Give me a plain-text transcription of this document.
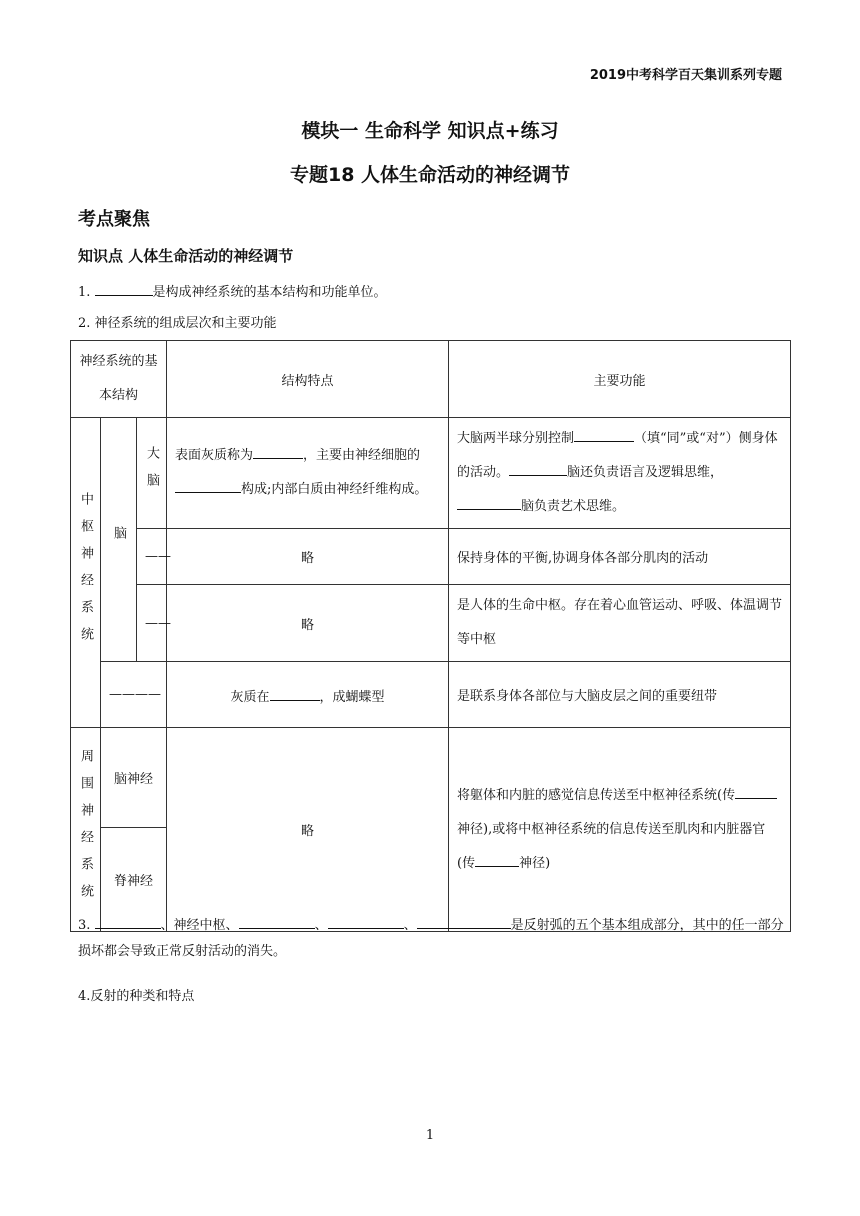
2019中考科学百天集训系列专题
模块一 生命科学 知识点+练习
专题18 人体生命活动的神经调节
考点聚焦
知识点 人体生命活动的神经调节
1.	是构成神经系统的基本结构和功能单位。
2. 神径系统的组成层次和主要功能
神经系统的基本结构			结构特点	主要功能
中枢神经系统	脑	大脑	表面灰质称为 ，主要由神经细胞的构成;内部白质由神经纤维构成。	大脑两半球分别控制 （填“同”或“对”）侧身体的活动。 脑还负责语言及逻辑思维，脑负责艺术思维。
		——	略	保持身体的平衡,协调身体各部分肌肉的活动
		——	略	是人体的生命中枢。存在着心血管运动、呼吸、体温调节等中枢
	————		灰质在 ，成蝴蝶型	是联系身体各部位与大脑皮层之间的重要纽带
周围神经系统	脑神经		略	将躯体和内脏的感觉信息传送至中枢神径系统(传神径),或将中枢神径系统的信息传送至肌肉和内脏器官(传 神径)
	脊神经			
3.	、神经中枢、	、	、	是反射弧的五个基本组成部分，其中的任一部分损坏都会导致正常反射活动的消失。
4.反射的种类和特点
1
